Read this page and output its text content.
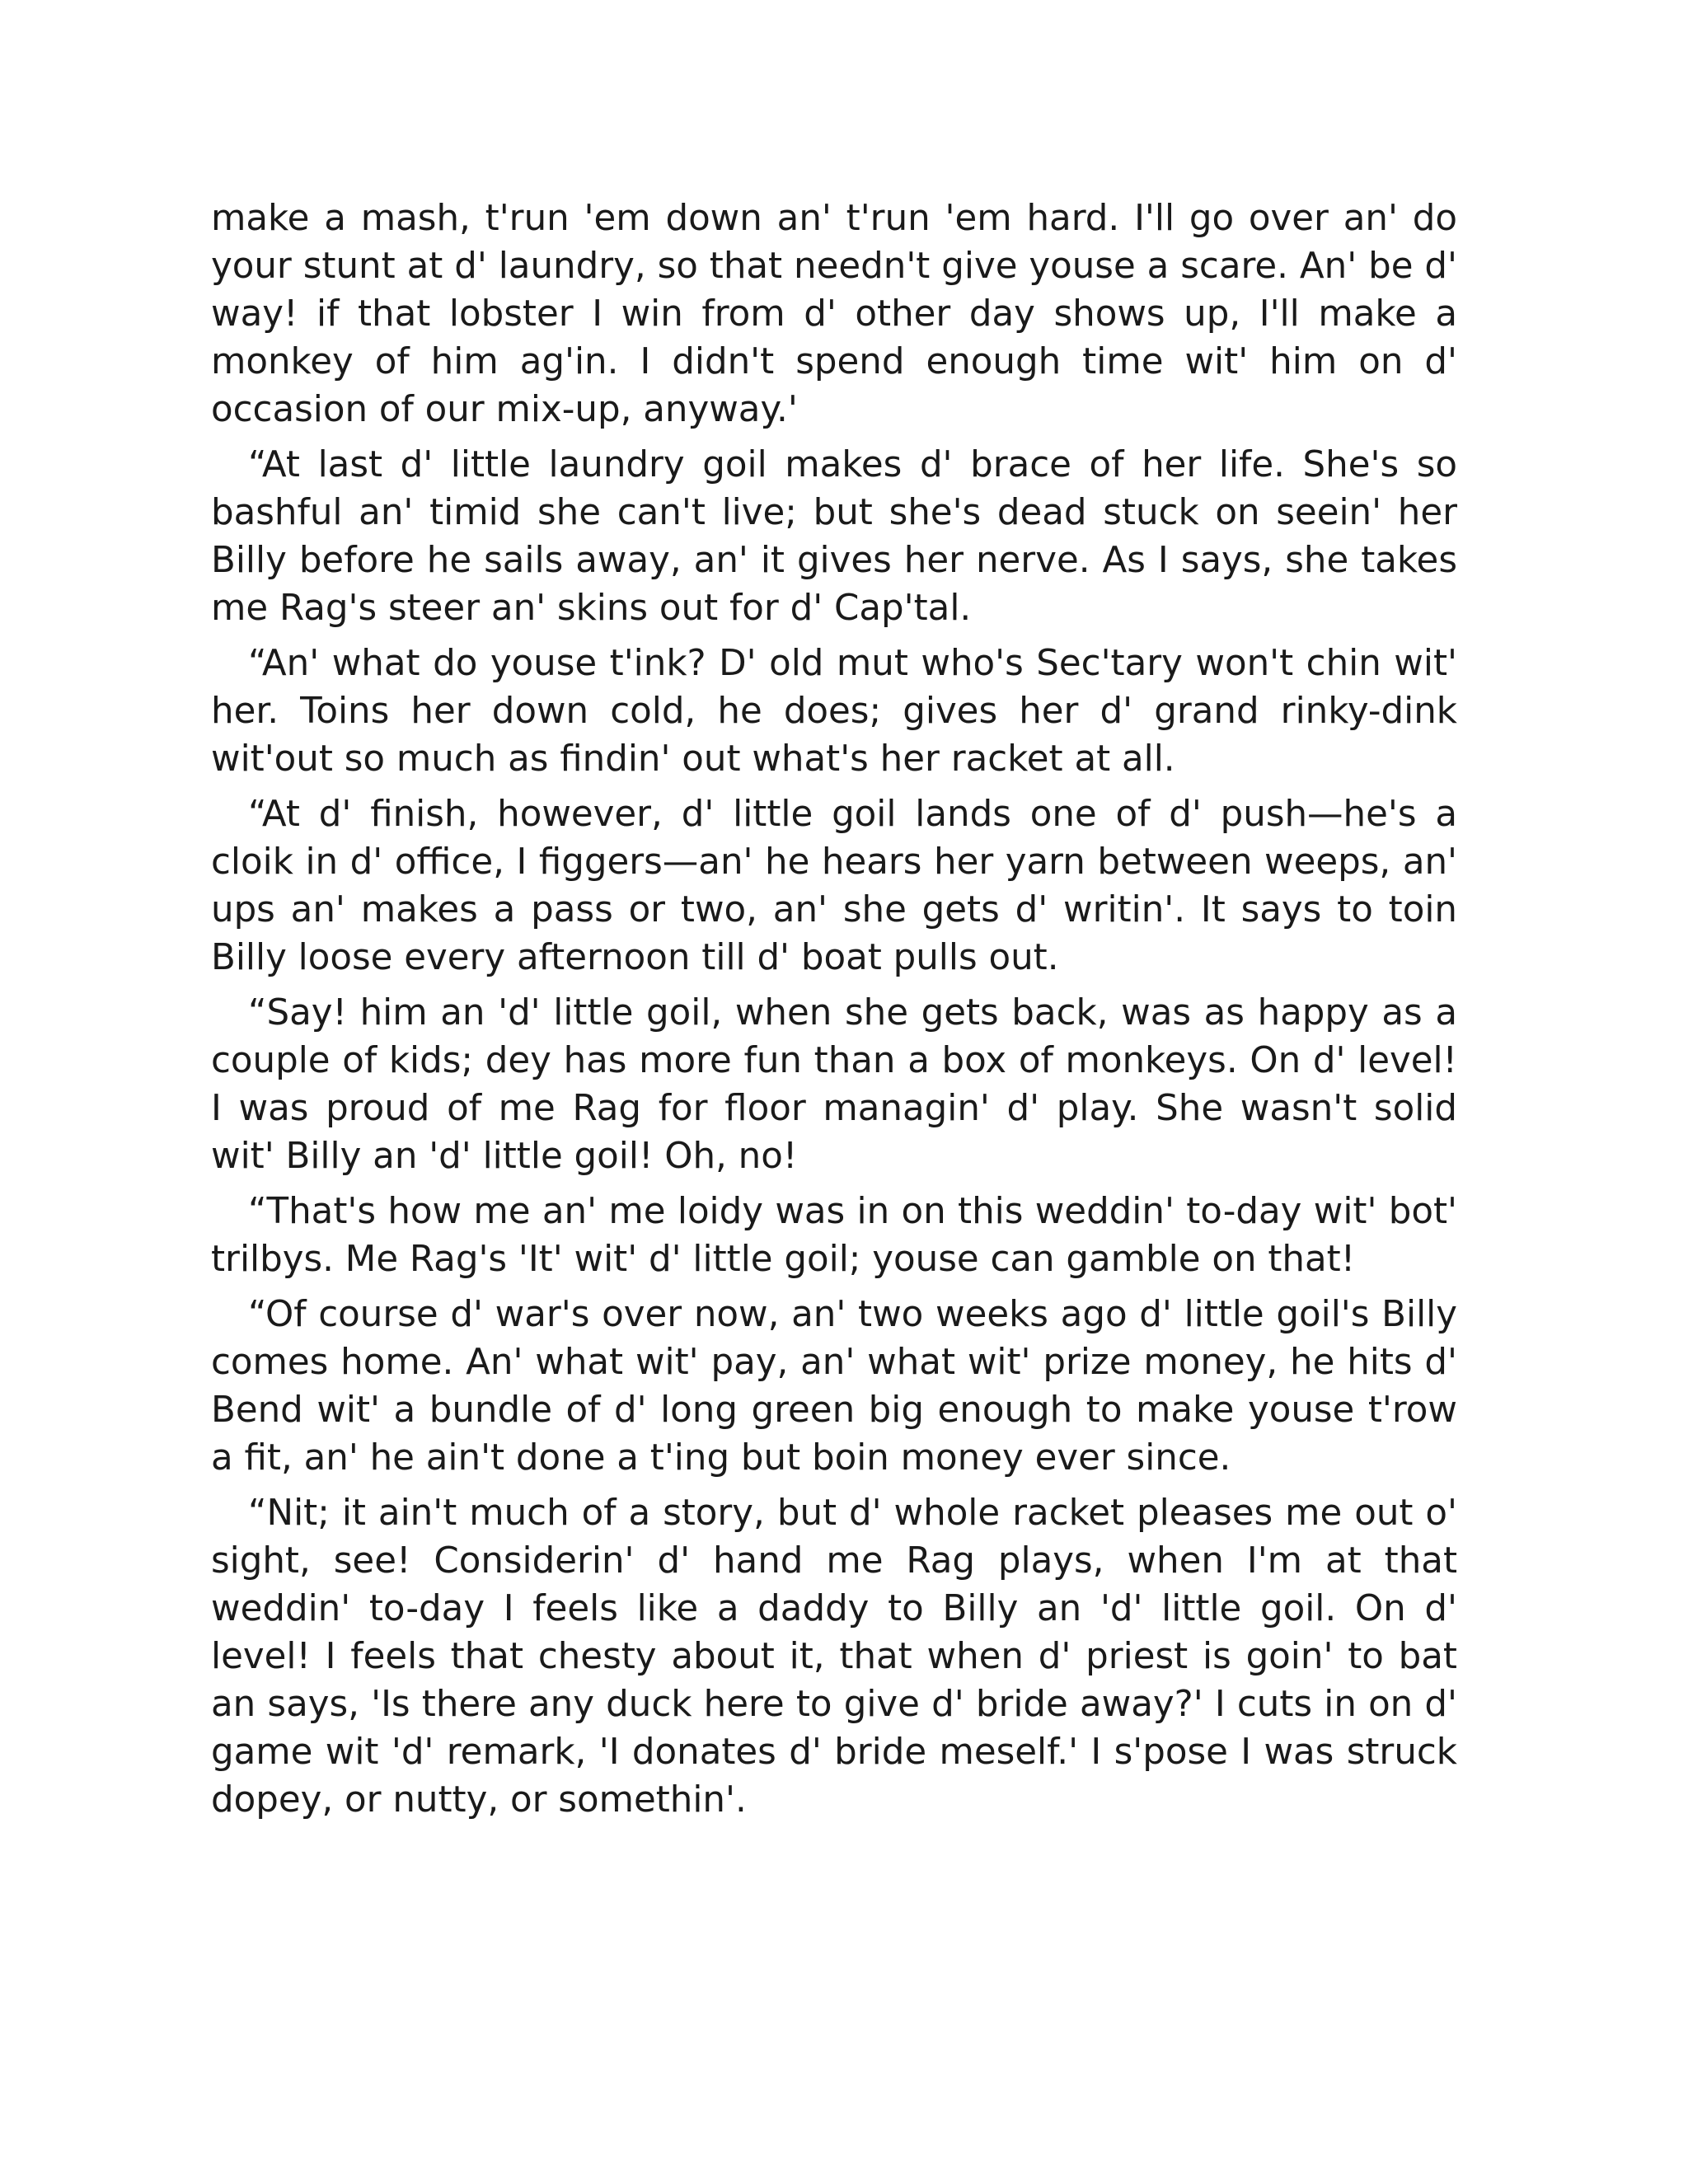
make a mash, t'run 'em down an' t'run 'em hard. I'll go over an' do your stunt at d' laundry, so that needn't give youse a scare. An' be d' way! if that lobster I win from d' other day shows up, I'll make a monkey of him ag'in. I didn't spend enough time wit' him on d' occasion of our mix-up, anyway.'

“At last d' little laundry goil makes d' brace of her life. She's so bashful an' timid she can't live; but she's dead stuck on seein' her Billy before he sails away, an' it gives her nerve. As I says, she takes me Rag's steer an' skins out for d' Cap'tal.

“An' what do youse t'ink? D' old mut who's Sec'tary won't chin wit' her. Toins her down cold, he does; gives her d' grand rinky-dink wit'out so much as findin' out what's her racket at all.

“At d' finish, however, d' little goil lands one of d' push—he's a cloik in d' office, I figgers—an' he hears her yarn between weeps, an' ups an' makes a pass or two, an' she gets d' writin'. It says to toin Billy loose every afternoon till d' boat pulls out.

“Say! him an 'd' little goil, when she gets back, was as happy as a couple of kids; dey has more fun than a box of monkeys. On d' level! I was proud of me Rag for floor managin' d' play. She wasn't solid wit' Billy an 'd' little goil! Oh, no!

“That's how me an' me loidy was in on this weddin' to-day wit' bot' trilbys. Me Rag's 'It' wit' d' little goil; youse can gamble on that!

“Of course d' war's over now, an' two weeks ago d' little goil's Billy comes home. An' what wit' pay, an' what wit' prize money, he hits d' Bend wit' a bundle of d' long green big enough to make youse t'row a fit, an' he ain't done a t'ing but boin money ever since.

“Nit; it ain't much of a story, but d' whole racket pleases me out o' sight, see! Considerin' d' hand me Rag plays, when I'm at that weddin' to-day I feels like a daddy to Billy an 'd' little goil. On d' level! I feels that chesty about it, that when d' priest is goin' to bat an says, 'Is there any duck here to give d' bride away?' I cuts in on d' game wit 'd' remark, 'I donates d' bride meself.' I s'pose I was struck dopey, or nutty, or somethin'.
